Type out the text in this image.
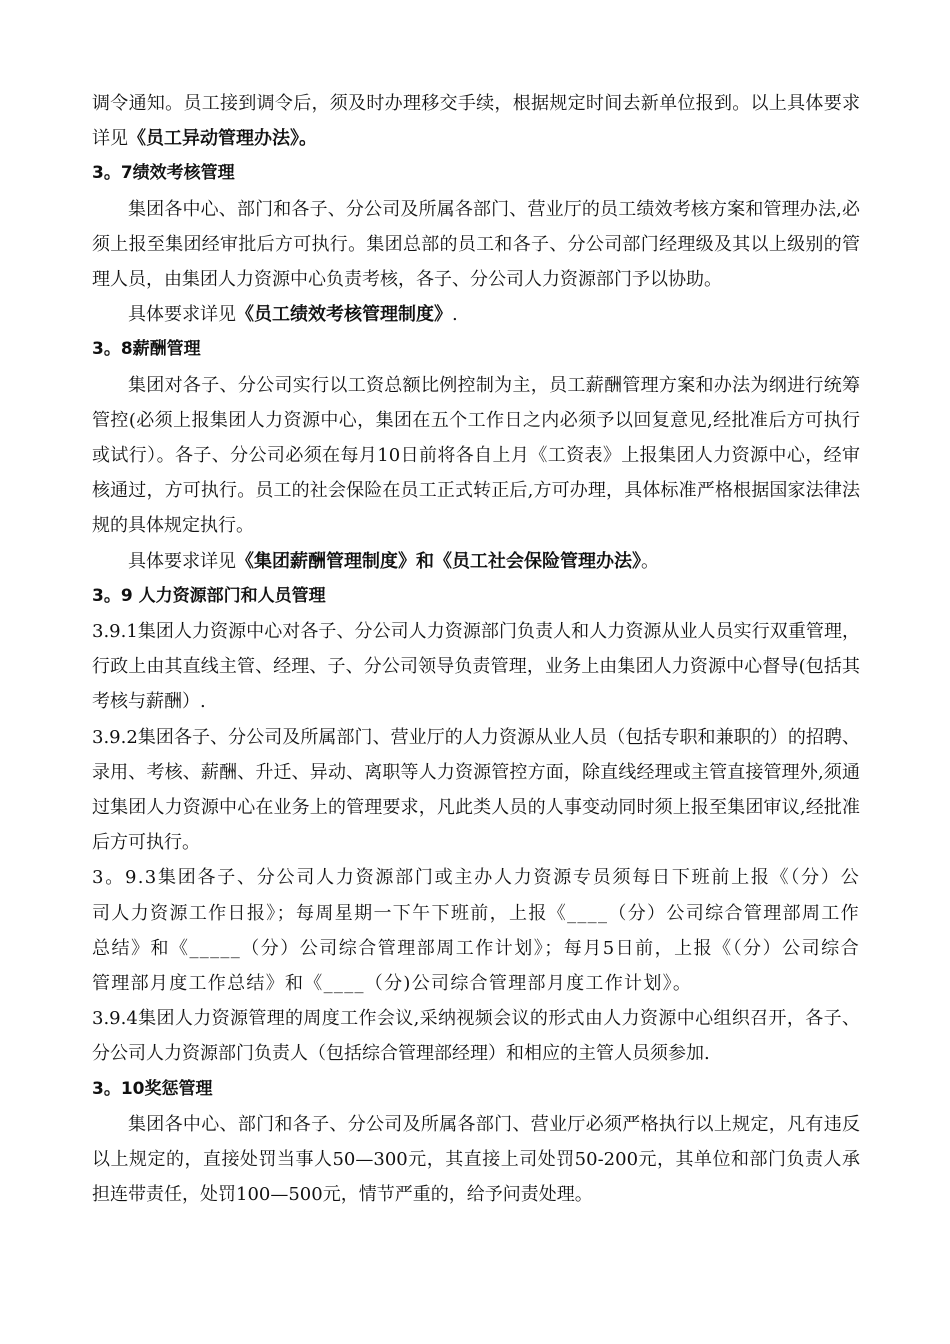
调令通知。员工接到调令后，须及时办理移交手续，根据规定时间去新单位报到。以上具体要求详见《员工异动管理办法》。

3。7绩效考核管理

集团各中心、部门和各子、分公司及所属各部门、营业厅的员工绩效考核方案和管理办法,必须上报至集团经审批后方可执行。集团总部的员工和各子、分公司部门经理级及其以上级别的管理人员，由集团人力资源中心负责考核，各子、分公司人力资源部门予以协助。

具体要求详见《员工绩效考核管理制度》.

3。8薪酬管理

集团对各子、分公司实行以工资总额比例控制为主，员工薪酬管理方案和办法为纲进行统筹管控(必须上报集团人力资源中心，集团在五个工作日之内必须予以回复意见,经批准后方可执行或试行）。各子、分公司必须在每月10日前将各自上月《工资表》上报集团人力资源中心，经审核通过，方可执行。员工的社会保险在员工正式转正后,方可办理，具体标准严格根据国家法律法规的具体规定执行。

具体要求详见《集团薪酬管理制度》和《员工社会保险管理办法》。

3。9 人力资源部门和人员管理

3.9.1集团人力资源中心对各子、分公司人力资源部门负责人和人力资源从业人员实行双重管理，行政上由其直线主管、经理、子、分公司领导负责管理，业务上由集团人力资源中心督导(包括其考核与薪酬）.

3.9.2集团各子、分公司及所属部门、营业厅的人力资源从业人员（包括专职和兼职的）的招聘、录用、考核、薪酬、升迁、异动、离职等人力资源管控方面，除直线经理或主管直接管理外,须通过集团人力资源中心在业务上的管理要求，凡此类人员的人事变动同时须上报至集团审议,经批准后方可执行。

3。9.3集团各子、分公司人力资源部门或主办人力资源专员须每日下班前上报《（分）公司人力资源工作日报》；每周星期一下午下班前，上报《____（分）公司综合管理部周工作总结》和《_____（分）公司综合管理部周工作计划》；每月5日前，上报《（分）公司综合管理部月度工作总结》和《____（分)公司综合管理部月度工作计划》。

3.9.4集团人力资源管理的周度工作会议,采纳视频会议的形式由人力资源中心组织召开，各子、分公司人力资源部门负责人（包括综合管理部经理）和相应的主管人员须参加.

3。10奖惩管理

集团各中心、部门和各子、分公司及所属各部门、营业厅必须严格执行以上规定，凡有违反以上规定的，直接处罚当事人50—300元，其直接上司处罚50-200元，其单位和部门负责人承担连带责任，处罚100—500元，情节严重的，给予问责处理。
